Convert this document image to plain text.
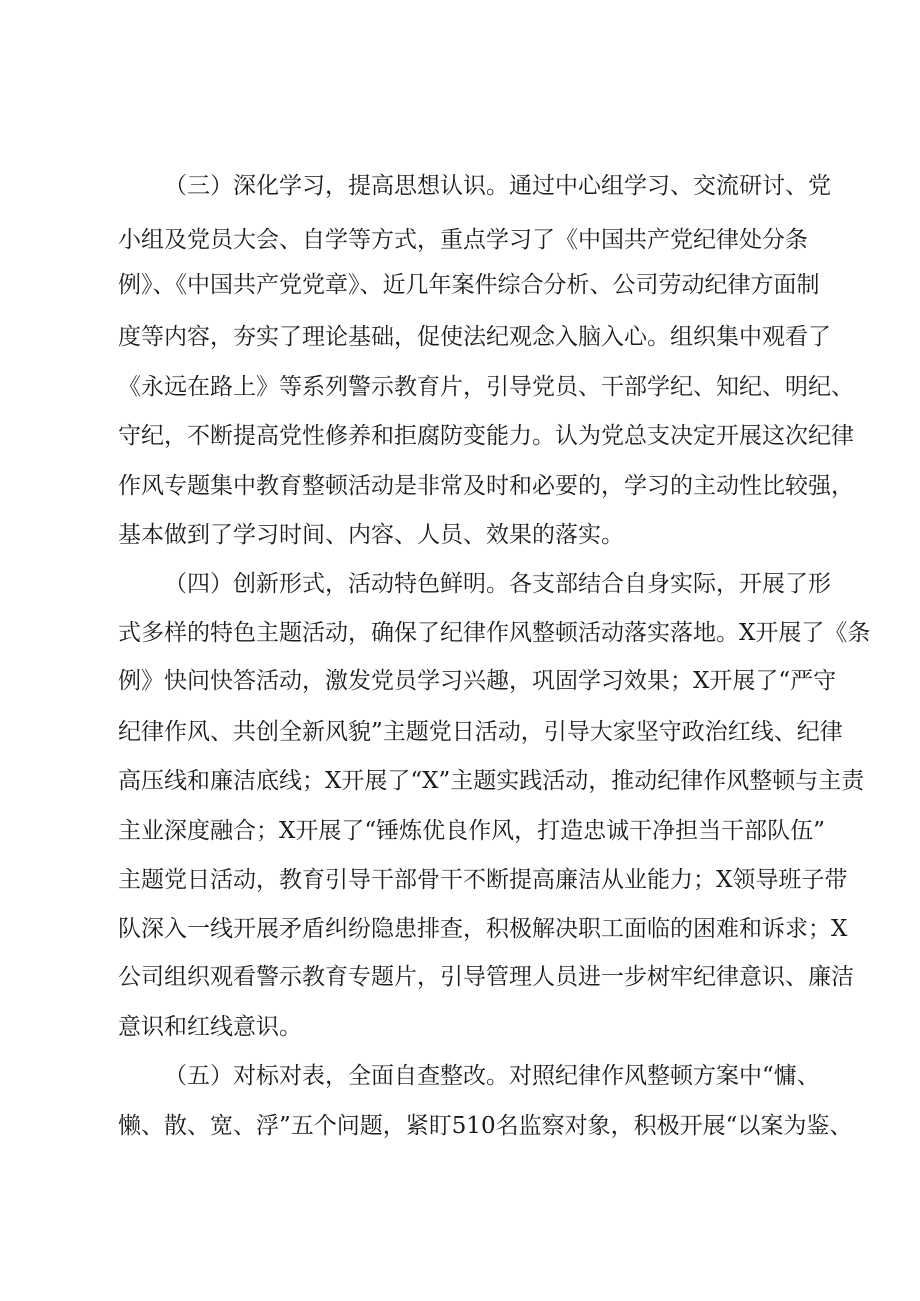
（三）深化学习，提高思想认识。通过中心组学习、交流研讨、党
小组及党员大会、自学等方式，重点学习了《中国共产党纪律处分条
例》、《中国共产党党章》、近几年案件综合分析、公司劳动纪律方面制
度等内容，夯实了理论基础，促使法纪观念入脑入心。组织集中观看了
《永远在路上》等系列警示教育片，引导党员、干部学纪、知纪、明纪、
守纪，不断提高党性修养和拒腐防变能力。认为党总支决定开展这次纪律
作风专题集中教育整顿活动是非常及时和必要的，学习的主动性比较强，
基本做到了学习时间、内容、人员、效果的落实。
（四）创新形式，活动特色鲜明。各支部结合自身实际，开展了形
式多样的特色主题活动，确保了纪律作风整顿活动落实落地。X开展了《条
例》快问快答活动，激发党员学习兴趣，巩固学习效果；X开展了“严守
纪律作风、共创全新风貌”主题党日活动，引导大家坚守政治红线、纪律
高压线和廉洁底线；X开展了“X”主题实践活动，推动纪律作风整顿与主责
主业深度融合；X开展了“锤炼优良作风，打造忠诚干净担当干部队伍”
主题党日活动，教育引导干部骨干不断提高廉洁从业能力；X领导班子带
队深入一线开展矛盾纠纷隐患排查，积极解决职工面临的困难和诉求；X
公司组织观看警示教育专题片，引导管理人员进一步树牢纪律意识、廉洁
意识和红线意识。
（五）对标对表，全面自查整改。对照纪律作风整顿方案中“慵、
懒、散、宽、浮”五个问题，紧盯510名监察对象，积极开展“以案为鉴、
